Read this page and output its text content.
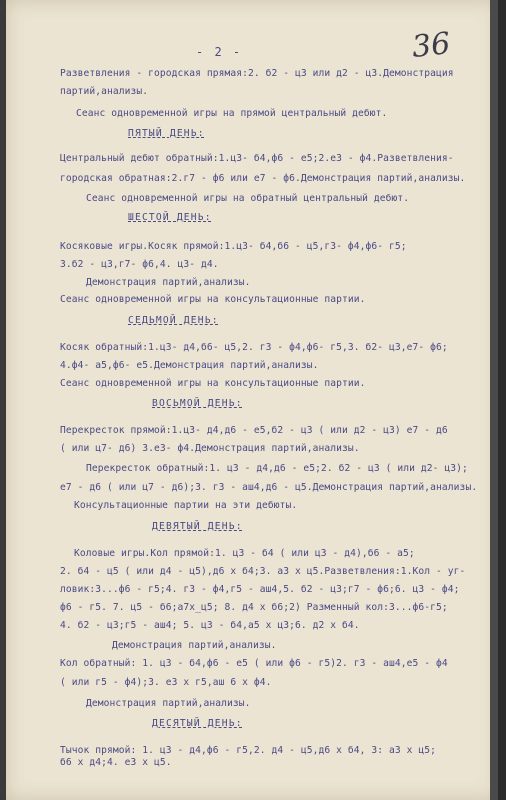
36
- 2 -
Разветвления - городская прямая:2. б2 - ц3 или д2 - ц3.Демонстрация
партий,анализы.
Сеанс одновременной игры на прямой центральный дебют.
ПЯТЫЙ ДЕНЬ:
Центральный дебют обратный:1.ц3- б4,ф6 - е5;2.е3 - ф4.Разветвления-
городская обратная:2.г7 - ф6 или е7 - ф6.Демонстрация партий,анализы.
Сеанс одновременной игры на обратный центральный дебют.
ШЕСТОЙ ДЕНЬ:
Косяковые игры.Косяк прямой:1.ц3- б4,б6 - ц5,г3- ф4,ф6- г5;
3.б2 - ц3,г7- ф6,4. ц3- д4.
Демонстрация партий,анализы.
Сеанс одновременной игры на консультационные партии.
СЕДЬМОЙ ДЕНЬ:
Косяк обратный:1.ц3- д4,б6- ц5,2. г3 - ф4,ф6- г5,3. б2- ц3,е7- ф6;
4.ф4- а5,ф6- е5.Демонстрация партий,анализы.
Сеанс одновременной игры на консультационные партии.
ВОСЬМОЙ ДЕНЬ:
Перекресток прямой:1.ц3- д4,д6 - е5,б2 - ц3 ( или д2 - ц3) е7 - д6
( или ц7- д6) 3.е3- ф4.Демонстрация партий,анализы.
Перекресток обратный:1. ц3 - д4,д6 - е5;2. б2 - ц3 ( или д2- ц3);
е7 - д6 ( или ц7 - д6);3. г3 - аш4,д6 - ц5.Демонстрация партий,анализы.
Консультационные партии на эти дебюты.
ДЕВЯТЫЙ ДЕНЬ:
Коловые игры.Кол прямой:1. ц3 - б4 ( или ц3 - д4),б6 - а5;
2. б4 - ц5 ( или д4 - ц5),д6 х б4;3. а3 х ц5.Разветвления:1.Кол - уг-
ловик:3...ф6 - г5;4. г3 - ф4,г5 - аш4,5. б2 - ц3;г7 - ф6;6. ц3 - ф4;
ф6 - г5. 7. ц5 - б6;а7х_ц5; 8. д4 х б6;2) Разменный кол:3...ф6-г5;
4. б2 - ц3;г5 - аш4; 5. ц3 - б4,а5 х ц3;6. д2 х б4.
Демонстрация партий,анализы.
Кол обратный: 1. ц3 - б4,ф6 - е5 ( или ф6 - г5)2. г3 - аш4,е5 - ф4
( или г5 - ф4);3. е3 х г5,аш 6 х ф4.
Демонстрация партий,анализы.
ДЕСЯТЫЙ ДЕНЬ:
Тычок прямой: 1. ц3 - д4,ф6 - г5,2. д4 - ц5,д6 х б4, 3: а3 х ц5;
б6 х д4;4. е3 х ц5.
